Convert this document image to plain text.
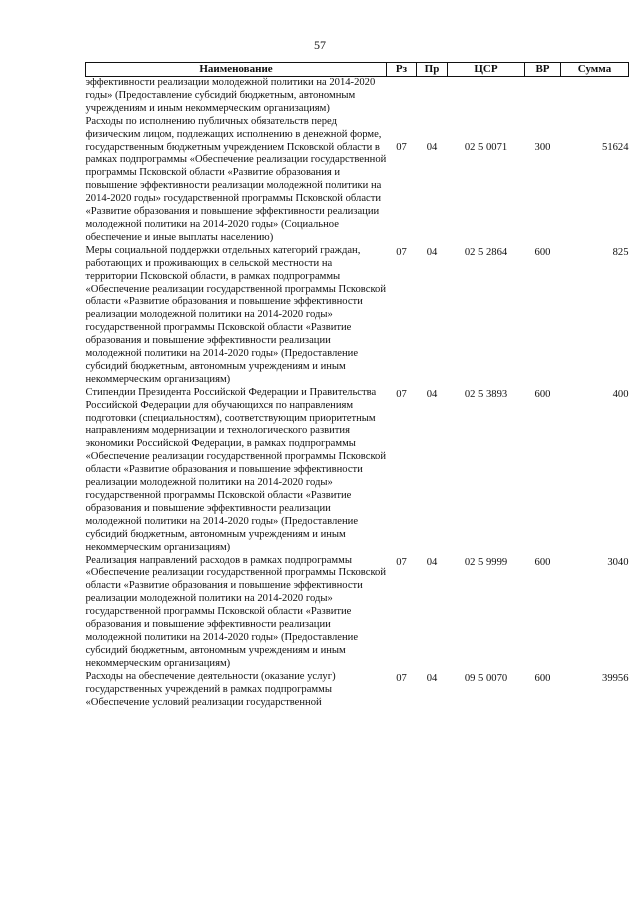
57
Наименование	Рз	Пр	ЦСР	ВР	Сумма
эффективности реализации молодежной политики на 2014-2020 годы» (Предоставление субсидий бюджетным, автономным учреждениям и иным некоммерческим организациям)					
Расходы по исполнению публичных обязательств перед физическим лицом, подлежащих исполнению в денежной форме, государственным бюджетным учреждением Псковской области в рамках подпрограммы «Обеспечение реализации государственной программы Псковской области «Развитие образования и повышение эффективности реализации молодежной политики на 2014-2020 годы» государственной программы Псковской области «Развитие образования и повышение эффективности реализации молодежной политики на 2014-2020 годы» (Социальное обеспечение и иные выплаты населению)	07	04	02 5 0071	300	51624
Меры социальной поддержки отдельных категорий граждан, работающих и проживающих в сельской местности на территории Псковской области, в рамках подпрограммы «Обеспечение реализации государственной программы Псковской области «Развитие образования и повышение эффективности реализации молодежной политики на 2014-2020 годы» государственной программы Псковской области «Развитие образования и повышение эффективности реализации молодежной политики на 2014-2020 годы» (Предоставление субсидий бюджетным, автономным учреждениям и иным некоммерческим организациям)	07	04	02 5 2864	600	825
Стипендии Президента Российской Федерации и Правительства Российской Федерации для обучающихся по направлениям подготовки (специальностям), соответствующим приоритетным направлениям модернизации и технологического развития экономики Российской Федерации, в рамках подпрограммы «Обеспечение реализации государственной программы Псковской области «Развитие образования и повышение эффективности реализации молодежной политики на 2014-2020 годы» государственной программы Псковской области «Развитие образования и повышение эффективности реализации молодежной политики на 2014-2020 годы» (Предоставление субсидий бюджетным, автономным учреждениям и иным некоммерческим организациям)	07	04	02 5 3893	600	400
Реализация направлений расходов в рамках подпрограммы «Обеспечение реализации государственной программы Псковской области «Развитие образования и повышение эффективности реализации молодежной политики на 2014-2020 годы» государственной программы Псковской области «Развитие образования и повышение эффективности реализации молодежной политики на 2014-2020 годы» (Предоставление субсидий бюджетным, автономным учреждениям и иным некоммерческим организациям)	07	04	02 5 9999	600	3040
Расходы на обеспечение деятельности (оказание услуг) государственных учреждений в рамках подпрограммы «Обеспечение условий реализации государственной	07	04	09 5 0070	600	39956
